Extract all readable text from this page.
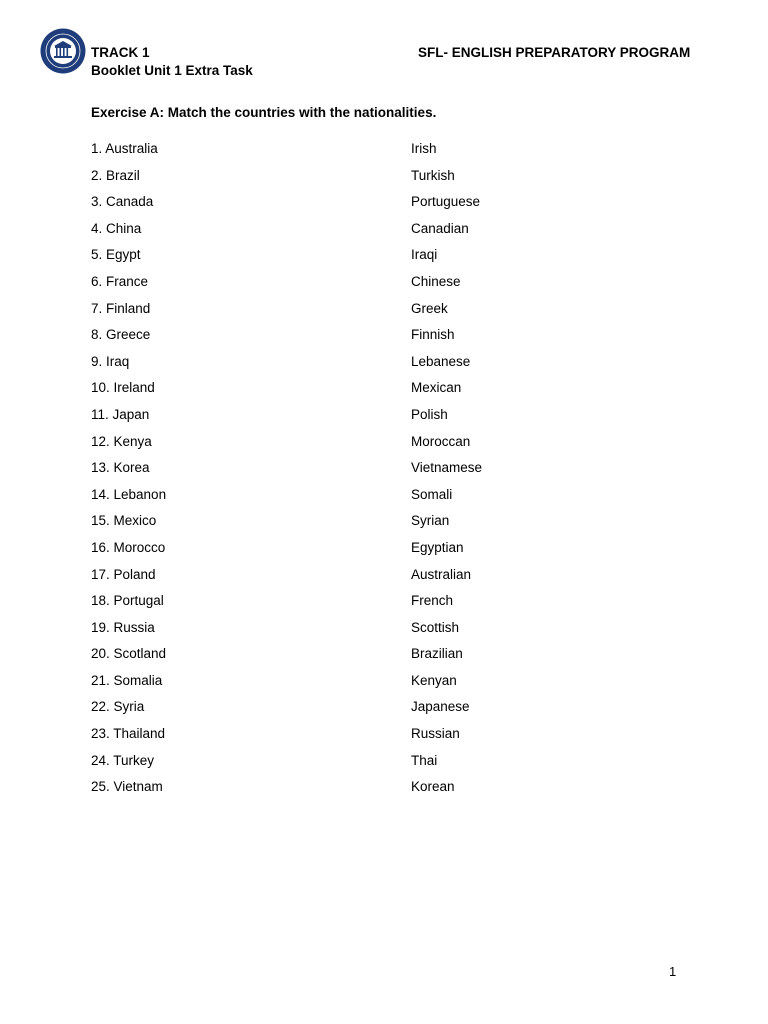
TRACK 1
Booklet Unit 1 Extra Task
SFL- ENGLISH PREPARATORY PROGRAM
Exercise A: Match the countries with the nationalities.
1. Australia
2. Brazil
3. Canada
4. China
5. Egypt
6. France
7. Finland
8. Greece
9. Iraq
10. Ireland
11. Japan
12. Kenya
13. Korea
14. Lebanon
15. Mexico
16. Morocco
17. Poland
18. Portugal
19. Russia
20. Scotland
21. Somalia
22. Syria
23. Thailand
24. Turkey
25. Vietnam
Irish
Turkish
Portuguese
Canadian
Iraqi
Chinese
Greek
Finnish
Lebanese
Mexican
Polish
Moroccan
Vietnamese
Somali
Syrian
Egyptian
Australian
French
Scottish
Brazilian
Kenyan
Japanese
Russian
Thai
Korean
1
